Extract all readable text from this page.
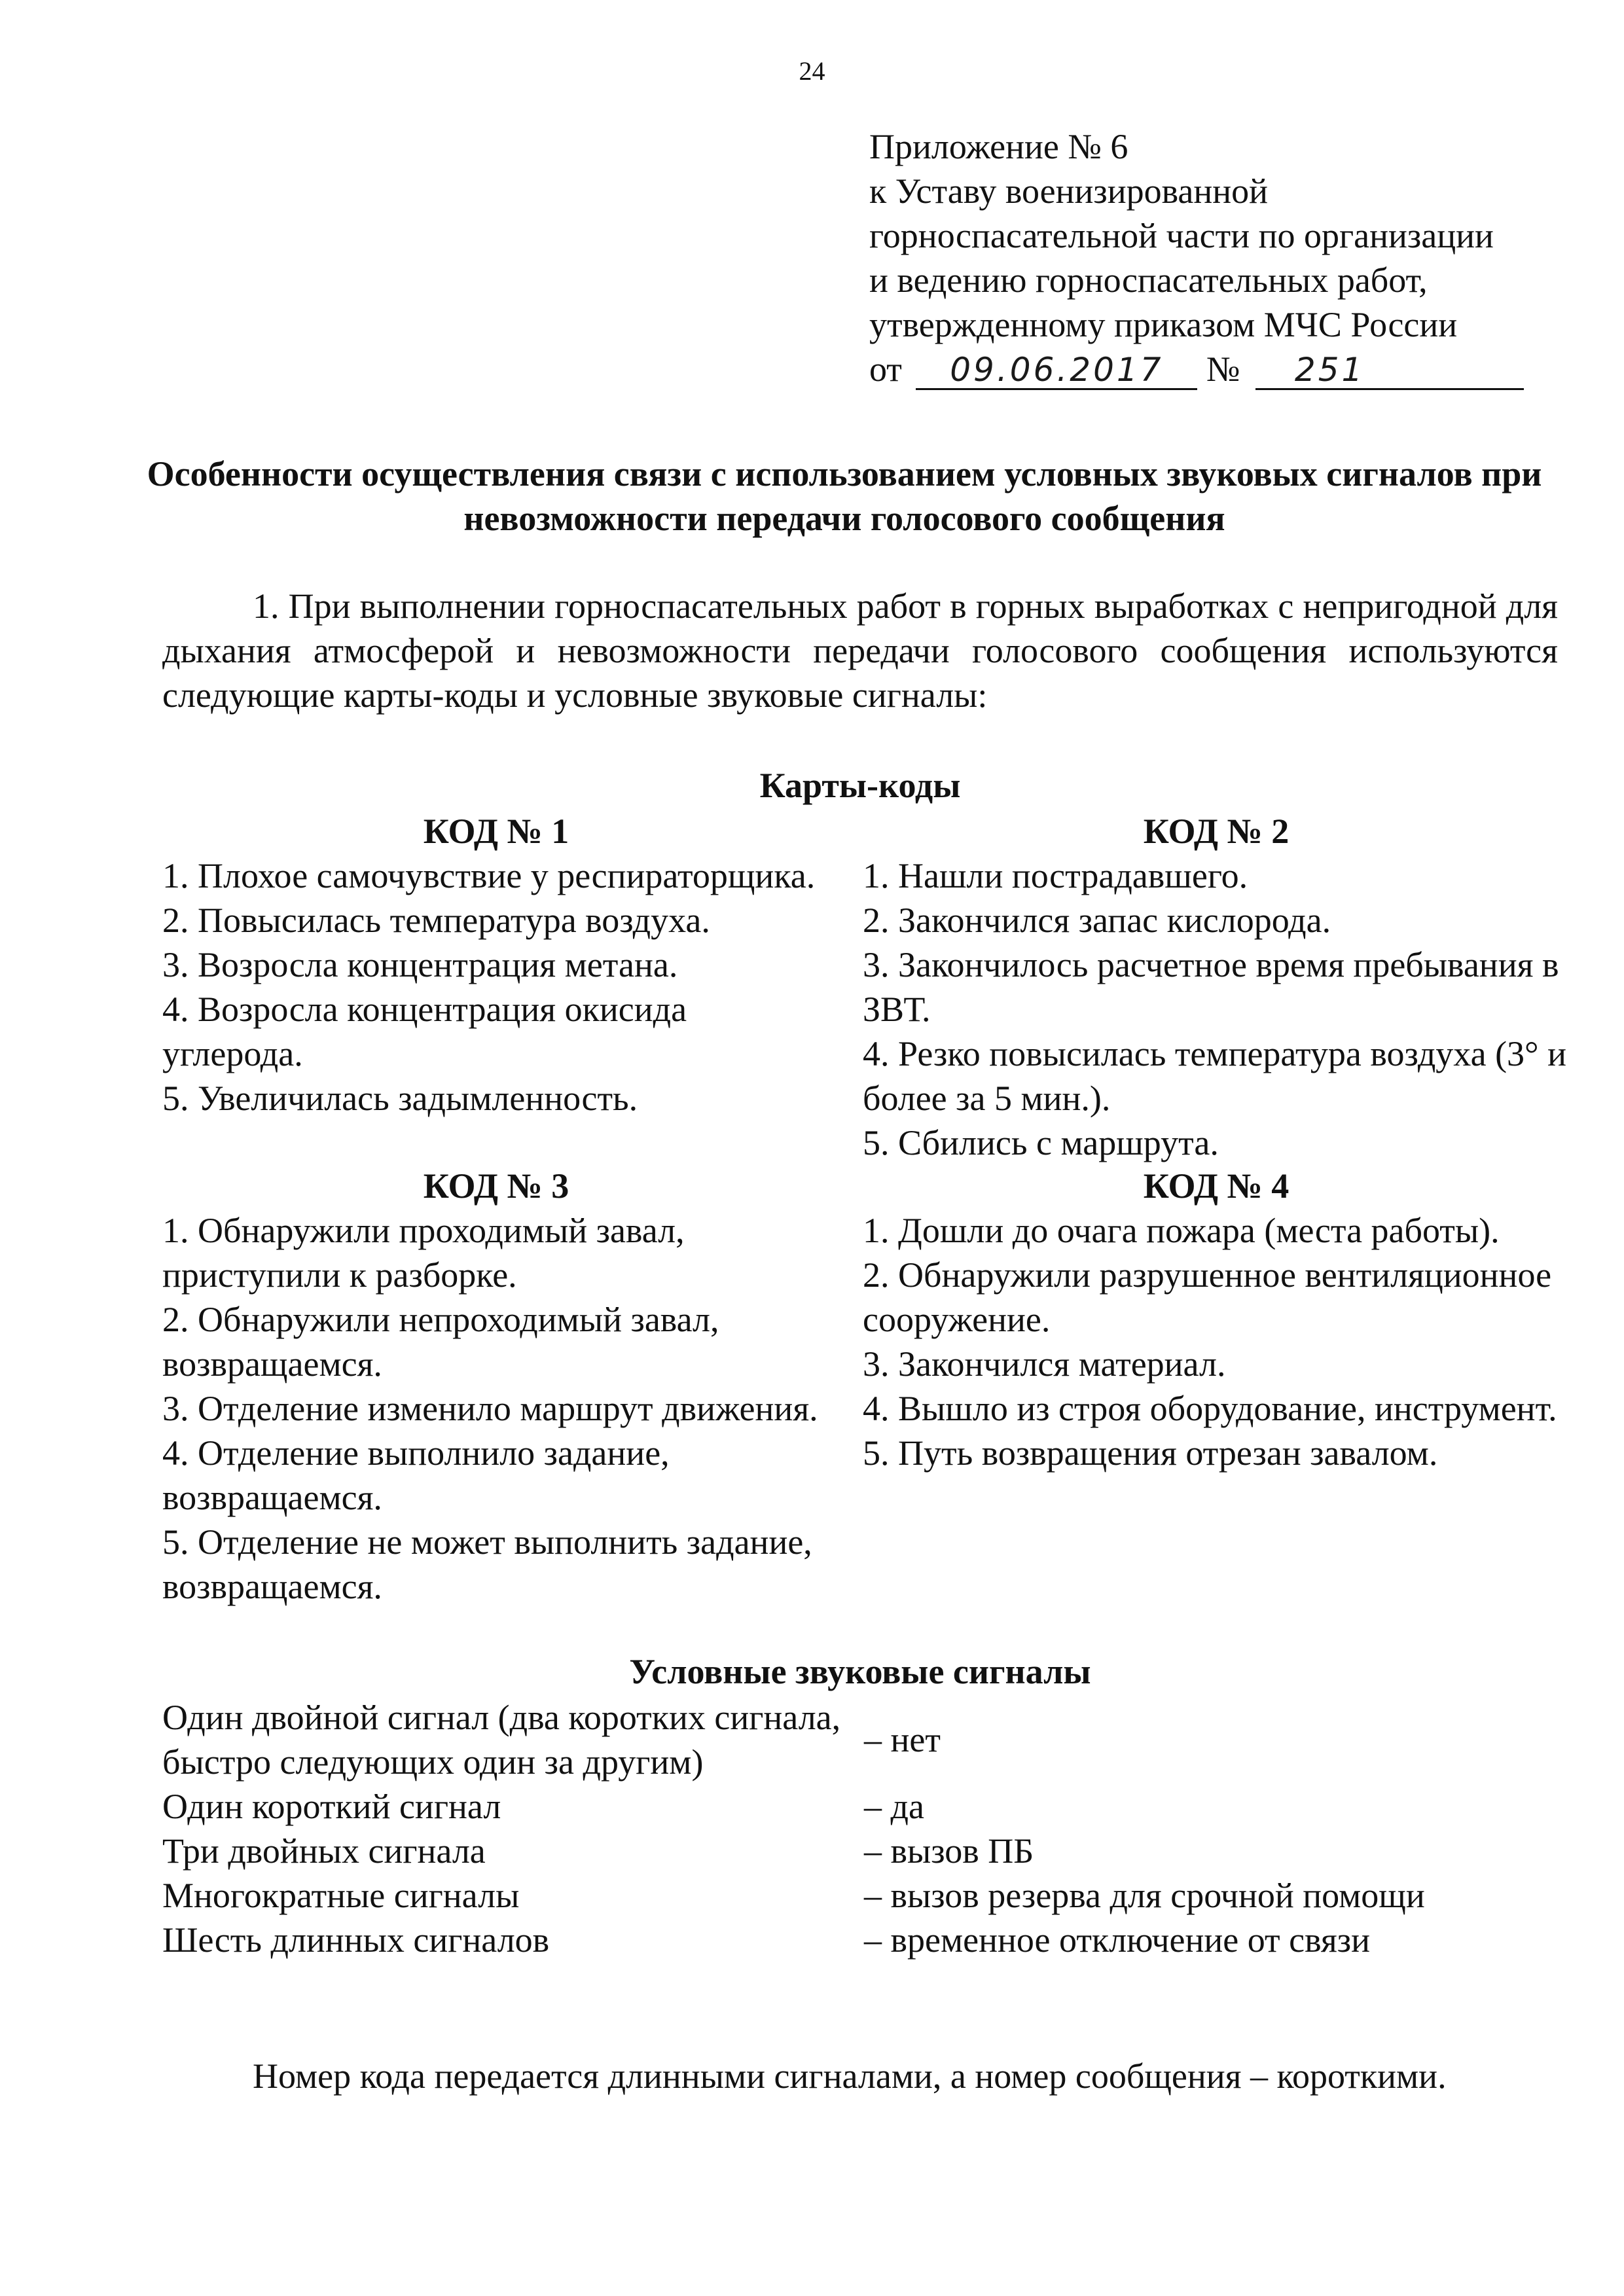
24
Приложение № 6
к Уставу военизированной
горноспасательной части по организации
и ведению горноспасательных работ,
утвержденному приказом МЧС России
от 09.06.2017 № 251
Особенности осуществления связи с использованием условных звуковых сигналов при невозможности передачи голосового сообщения
1. При выполнении горноспасательных работ в горных выработках с непригодной для дыхания атмосферой и невозможности передачи голосового сообщения используются следующие карты-коды и условные звуковые сигналы:
Карты-коды
КОД № 1
1. Плохое самочувствие у респираторщика.
2. Повысилась температура воздуха.
3. Возросла концентрация метана.
4. Возросла концентрация окисида углерода.
5. Увеличилась задымленность.
КОД № 2
1. Нашли пострадавшего.
2. Закончился запас кислорода.
3. Закончилось расчетное время пребывания в ЗВТ.
4. Резко повысилась температура воздуха (3° и более за 5 мин.).
5. Сбились с маршрута.
КОД № 3
1. Обнаружили проходимый завал, приступили к разборке.
2. Обнаружили непроходимый завал, возвращаемся.
3. Отделение изменило маршрут движения.
4. Отделение выполнило задание, возвращаемся.
5. Отделение не может выполнить задание, возвращаемся.
КОД № 4
1. Дошли до очага пожара (места работы).
2. Обнаружили разрушенное вентиляционное сооружение.
3. Закончился материал.
4. Вышло из строя оборудование, инструмент.
5. Путь возвращения отрезан завалом.
Условные звуковые сигналы
Один двойной сигнал (два коротких сигнала, быстро следующих один за другим)
– нет
Один короткий сигнал	– да
Три двойных сигнала	– вызов ПБ
Многократные сигналы	– вызов резерва для срочной помощи
Шесть длинных сигналов	– временное отключение от связи
Номер кода передается длинными сигналами, а номер сообщения – короткими.
